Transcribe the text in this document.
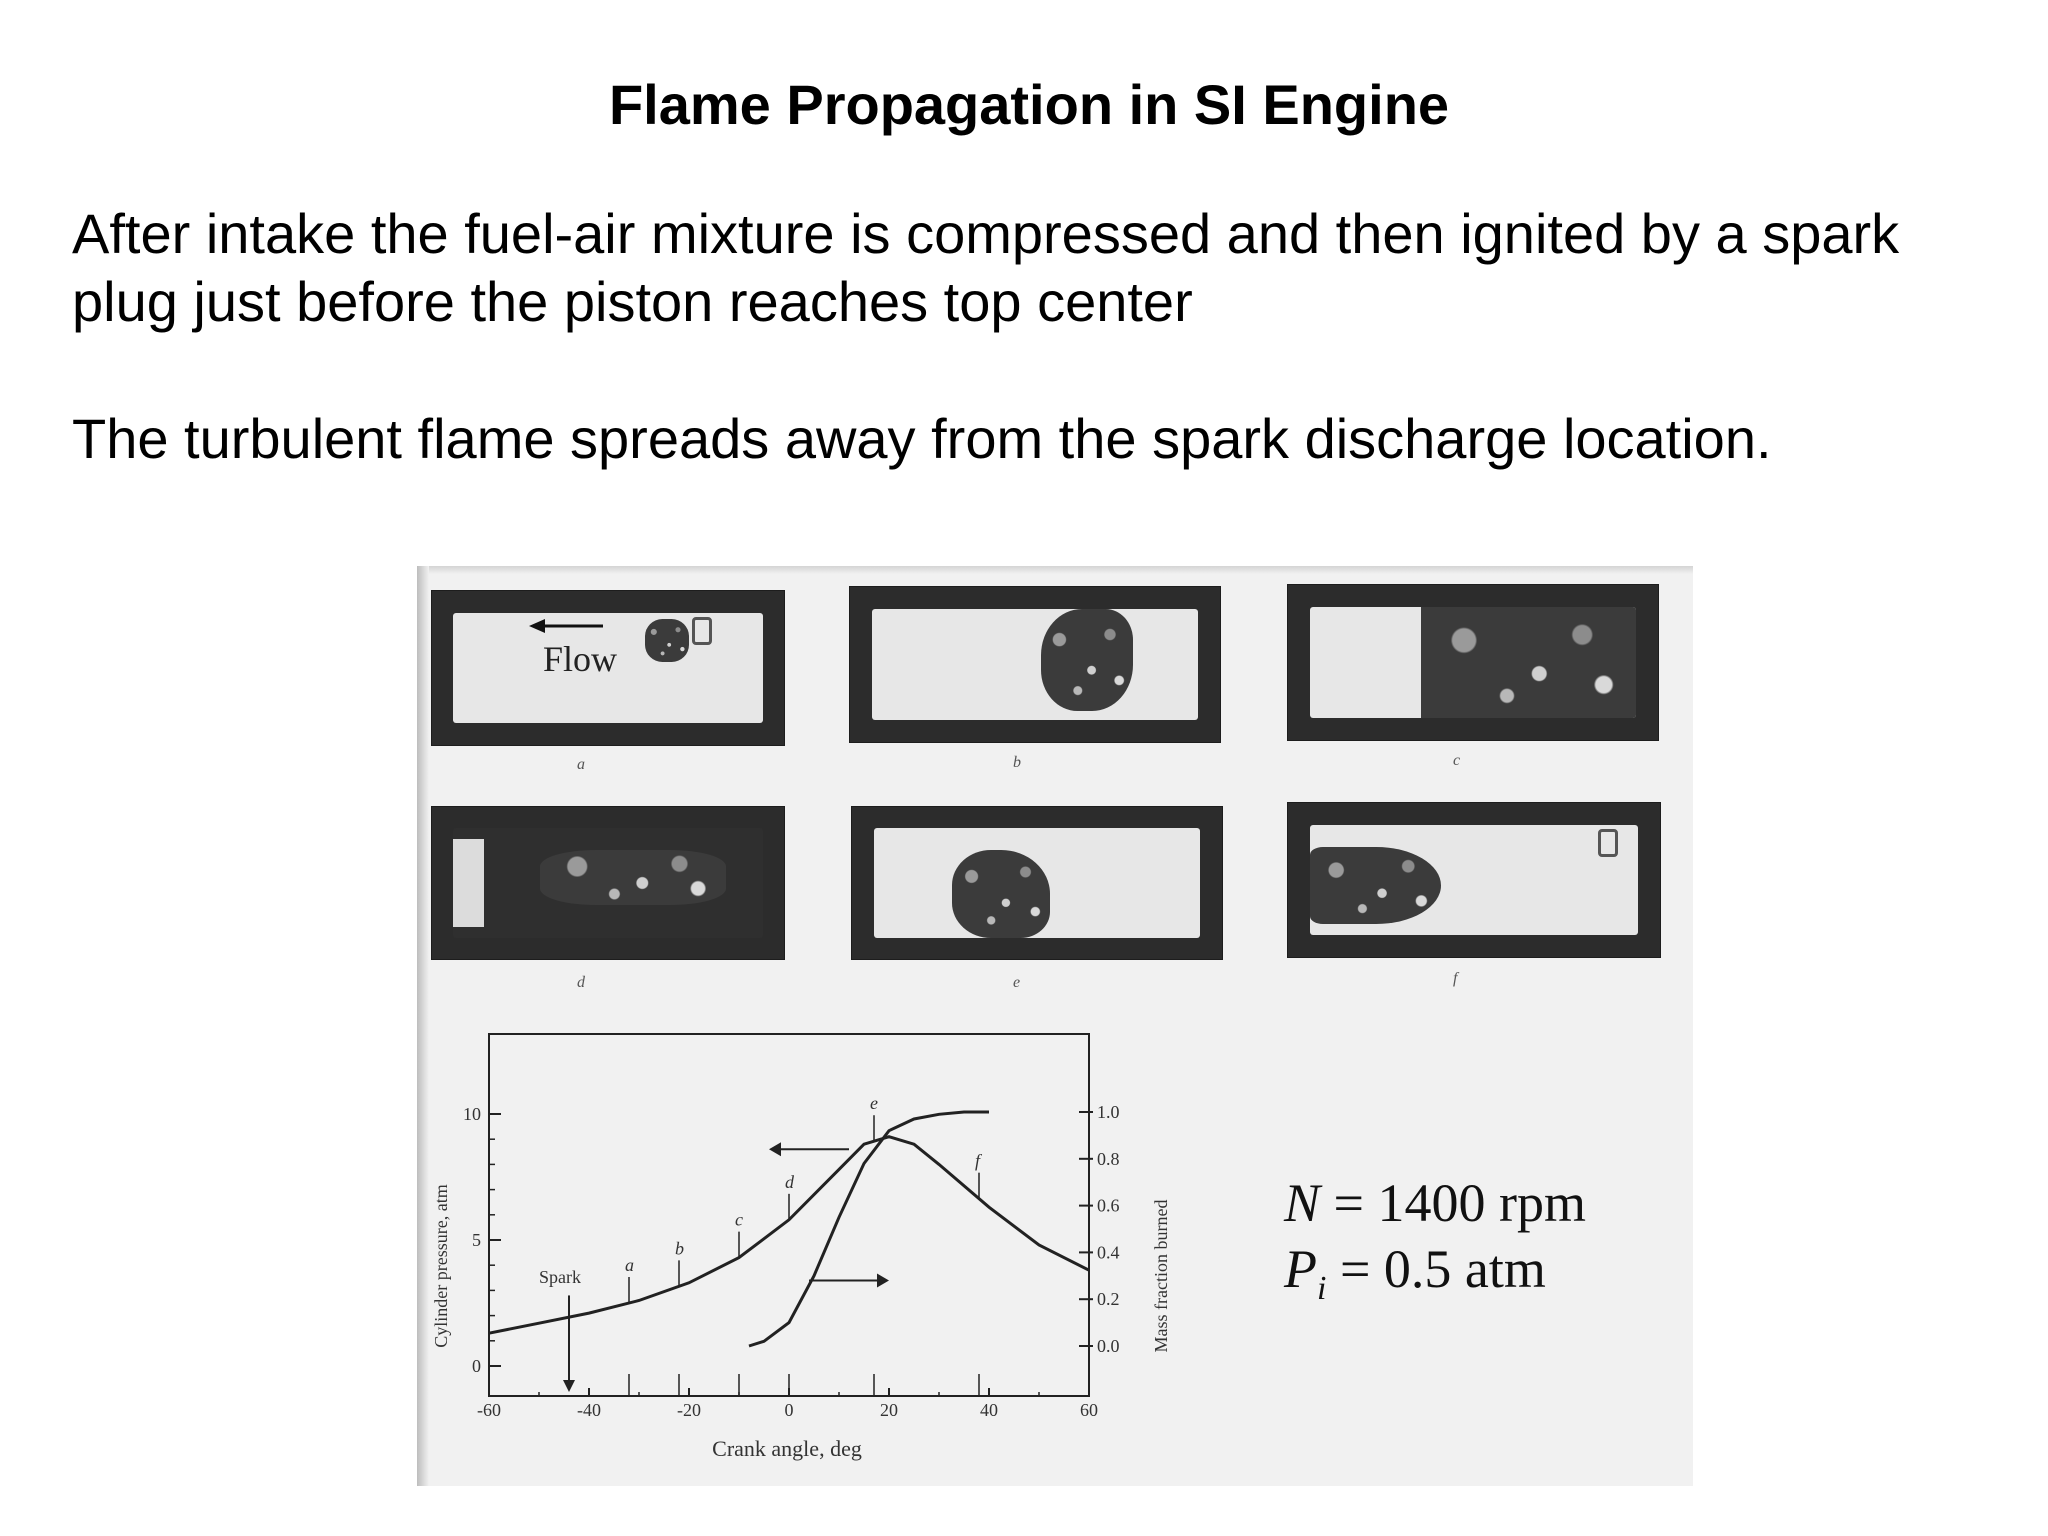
Flame Propagation in SI Engine

After intake the fuel-air mixture is compressed and then ignited by a spark plug just before the piston reaches top center

The turbulent flame spreads away from the spark discharge location.

a	b	c
d	e	f
Flow
Cylinder pressure, atm	Mass fraction burned
Crank angle, deg
-60	-40	-20	0	20	40	60
0
5
10
0.0
0.2
0.4
0.6
0.8
1.0
Spark
a
b
c
d
e
f
N = 1400 rpm
$P_i = 0.5$ atm
